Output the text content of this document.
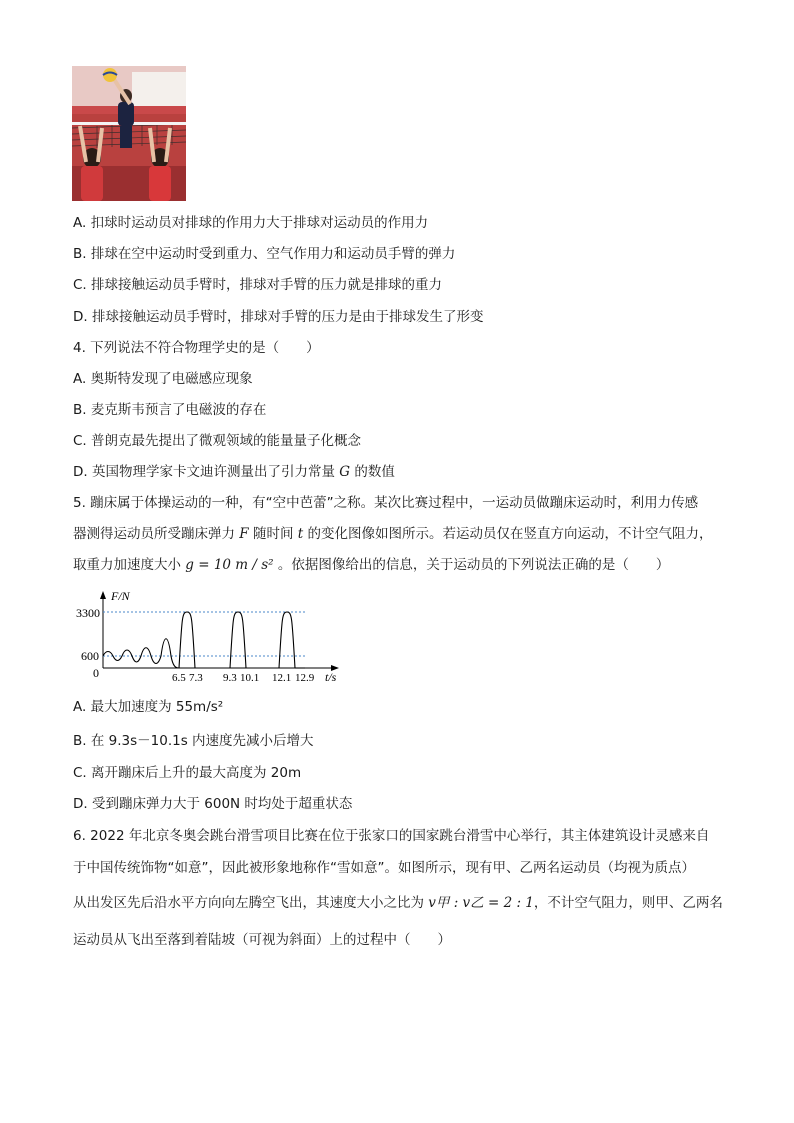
A. 扣球时运动员对排球的作用力大于排球对运动员的作用力
B. 排球在空中运动时受到重力、空气作用力和运动员手臂的弹力
C. 排球接触运动员手臂时，排球对手臂的压力就是排球的重力
D. 排球接触运动员手臂时，排球对手臂的压力是由于排球发生了形变
4. 下列说法不符合物理学史的是（　　）
A. 奥斯特发现了电磁感应现象
B. 麦克斯韦预言了电磁波的存在
C. 普朗克最先提出了微观领域的能量量子化概念
D. 英国物理学家卡文迪许测量出了引力常量 G 的数值
5. 蹦床属于体操运动的一种，有“空中芭蕾”之称。某次比赛过程中，一运动员做蹦床运动时，利用力传感
器测得运动员所受蹦床弹力 F 随时间 t 的变化图像如图所示。若运动员仅在竖直方向运动，不计空气阻力，
取重力加速度大小 g = 10 m / s² 。依据图像给出的信息，关于运动员的下列说法正确的是（　　）
F/N
t/s
3300
600
0	6.5 7.3 9.3 10.1 12.1 12.9
A. 最大加速度为 55m/s²
B. 在 9.3s－10.1s 内速度先减小后增大
C. 离开蹦床后上升的最大高度为 20m
D. 受到蹦床弹力大于 600N 时均处于超重状态
6. 2022 年北京冬奥会跳台滑雪项目比赛在位于张家口的国家跳台滑雪中心举行，其主体建筑设计灵感来自
于中国传统饰物“如意”，因此被形象地称作“雪如意”。如图所示，现有甲、乙两名运动员（均视为质点）
从出发区先后沿水平方向向左腾空飞出，其速度大小之比为 v甲 : v乙 = 2 : 1，不计空气阻力，则甲、乙两名
运动员从飞出至落到着陆坡（可视为斜面）上的过程中（　　）
